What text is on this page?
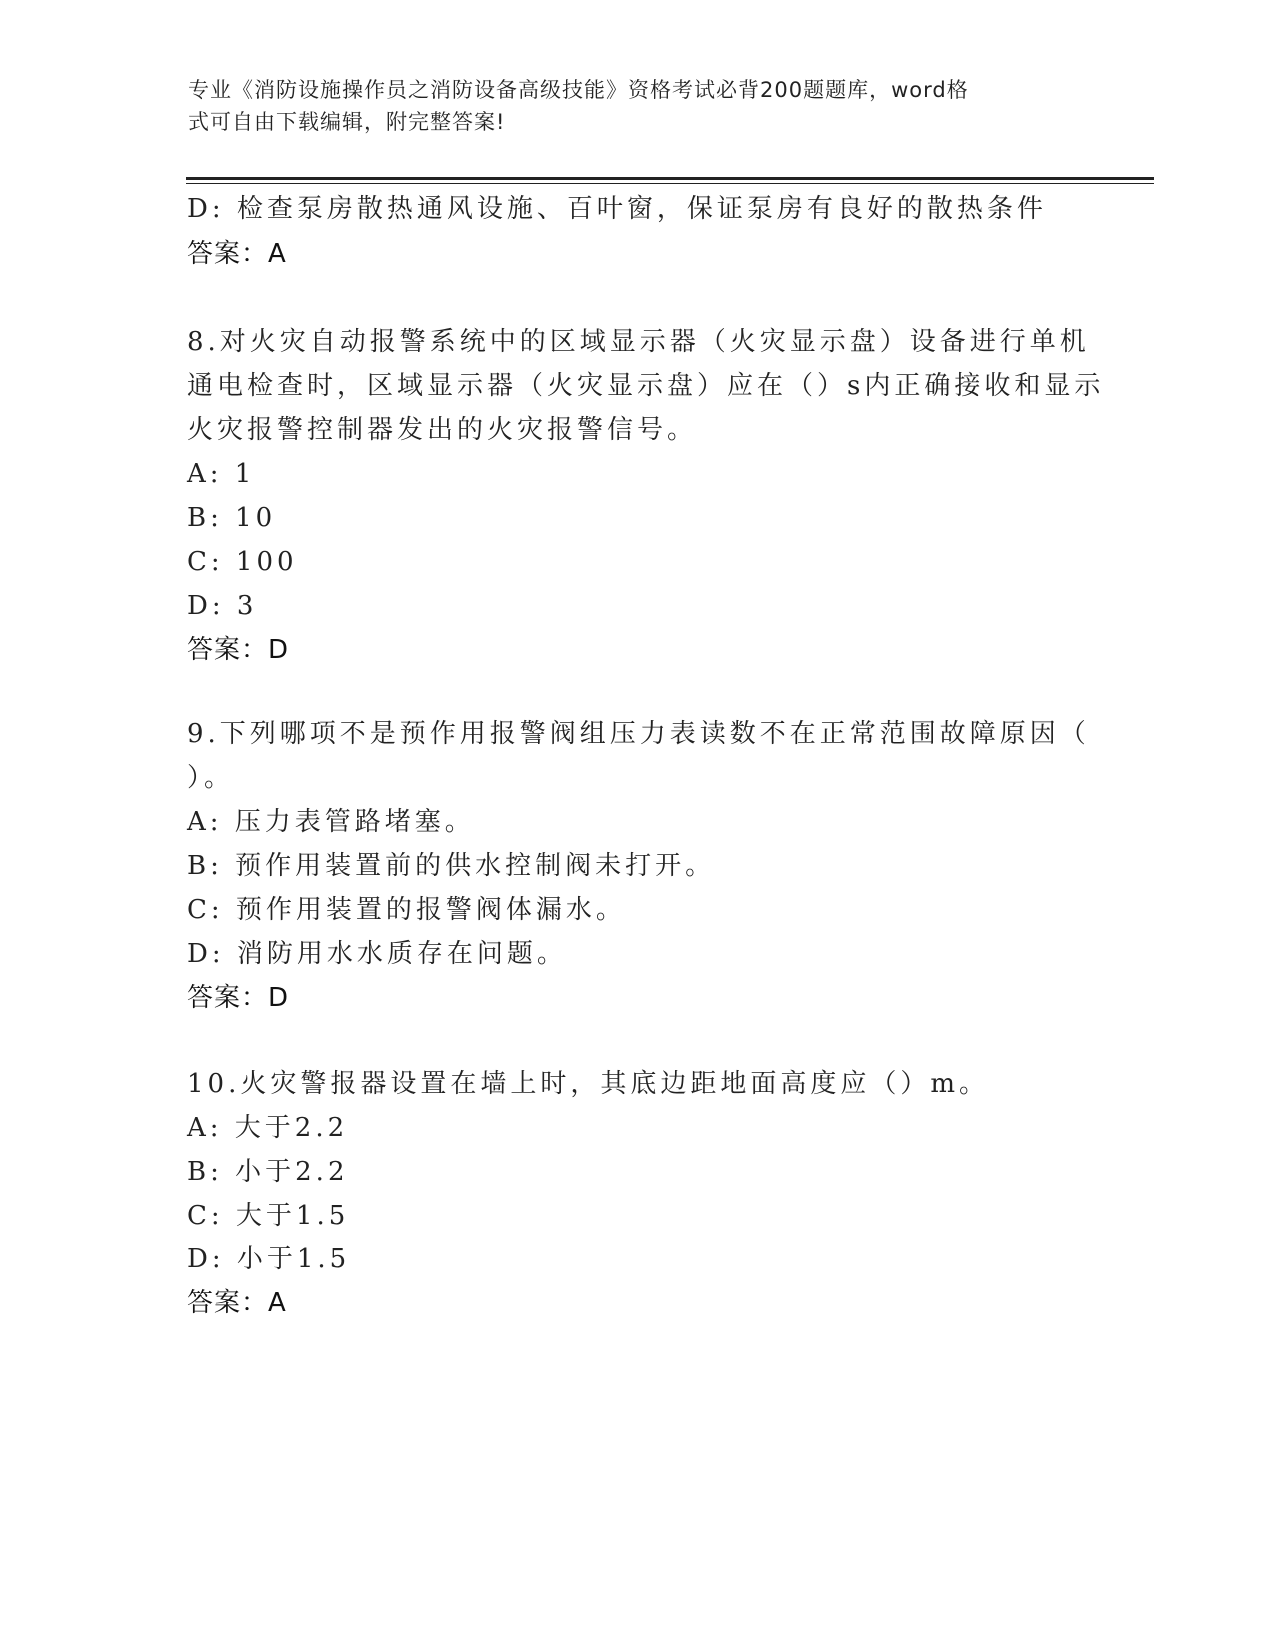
专业《消防设施操作员之消防设备高级技能》资格考试必背200题题库，word格
式可自由下载编辑，附完整答案!
D: 检查泵房散热通风设施、百叶窗，保证泵房有良好的散热条件
答案：A
8.对火灾自动报警系统中的区域显示器（火灾显示盘）设备进行单机
通电检查时，区域显示器（火灾显示盘）应在（）s内正确接收和显示
火灾报警控制器发出的火灾报警信号。
A: 1
B: 10
C: 100
D: 3
答案：D
9.下列哪项不是预作用报警阀组压力表读数不在正常范围故障原因（
）。
A: 压力表管路堵塞。
B: 预作用装置前的供水控制阀未打开。
C: 预作用装置的报警阀体漏水。
D: 消防用水水质存在问题。
答案：D
10.火灾警报器设置在墙上时，其底边距地面高度应（）m。
A: 大于2.2
B: 小于2.2
C: 大于1.5
D: 小于1.5
答案：A
